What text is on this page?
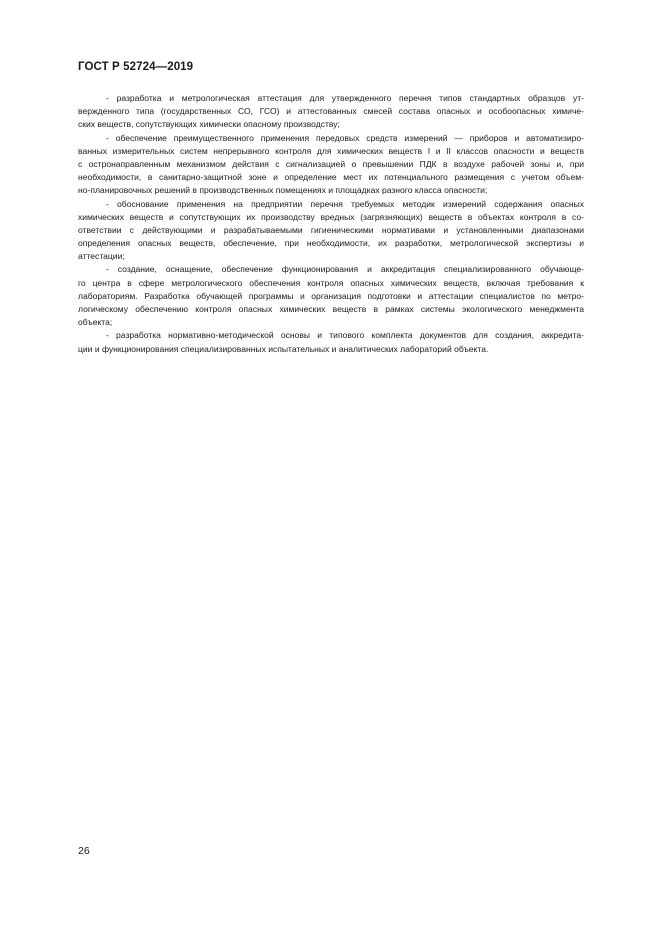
ГОСТ Р 52724—2019
- разработка и метрологическая аттестация для утвержденного перечня типов стандартных образцов ут-
вержденного типа (государственных СО, ГСО) и аттестованных смесей состава опасных и особоопасных химиче-
ских веществ, сопутствующих химически опасному производству;
- обеспечение преимущественного применения передовых средств измерений — приборов и автоматизиро-
ванных измерительных систем непрерывного контроля для химических веществ I и II классов опасности и веществ
с остронаправленным механизмом действия с сигнализацией о превышении ПДК в воздухе рабочей зоны и, при
необходимости, в санитарно-защитной зоне и определение мест их потенциального размещения с учетом объем-
но-планировочных решений в производственных помещениях и площадках разного класса опасности;
- обоснование применения на предприятии перечня требуемых методик измерений содержания опасных
химических веществ и сопутствующих их производству вредных (загрязняющих) веществ в объектах контроля в со-
ответствии с действующими и разрабатываемыми гигиеническими нормативами и установленными диапазонами
определения опасных веществ, обеспечение, при необходимости, их разработки, метрологической экспертизы и
аттестации;
- создание, оснащение, обеспечение функционирования и аккредитация специализированного обучающе-
го центра в сфере метрологического обеспечения контроля опасных химических веществ, включая требования к
лабораториям. Разработка обучающей программы и организация подготовки и аттестации специалистов по метро-
логическому обеспечению контроля опасных химических веществ в рамках системы экологического менеджмента
объекта;
- разработка нормативно-методической основы и типового комплекта документов для создания, аккредита-
ции и функционирования специализированных испытательных и аналитических лабораторий объекта.
26
